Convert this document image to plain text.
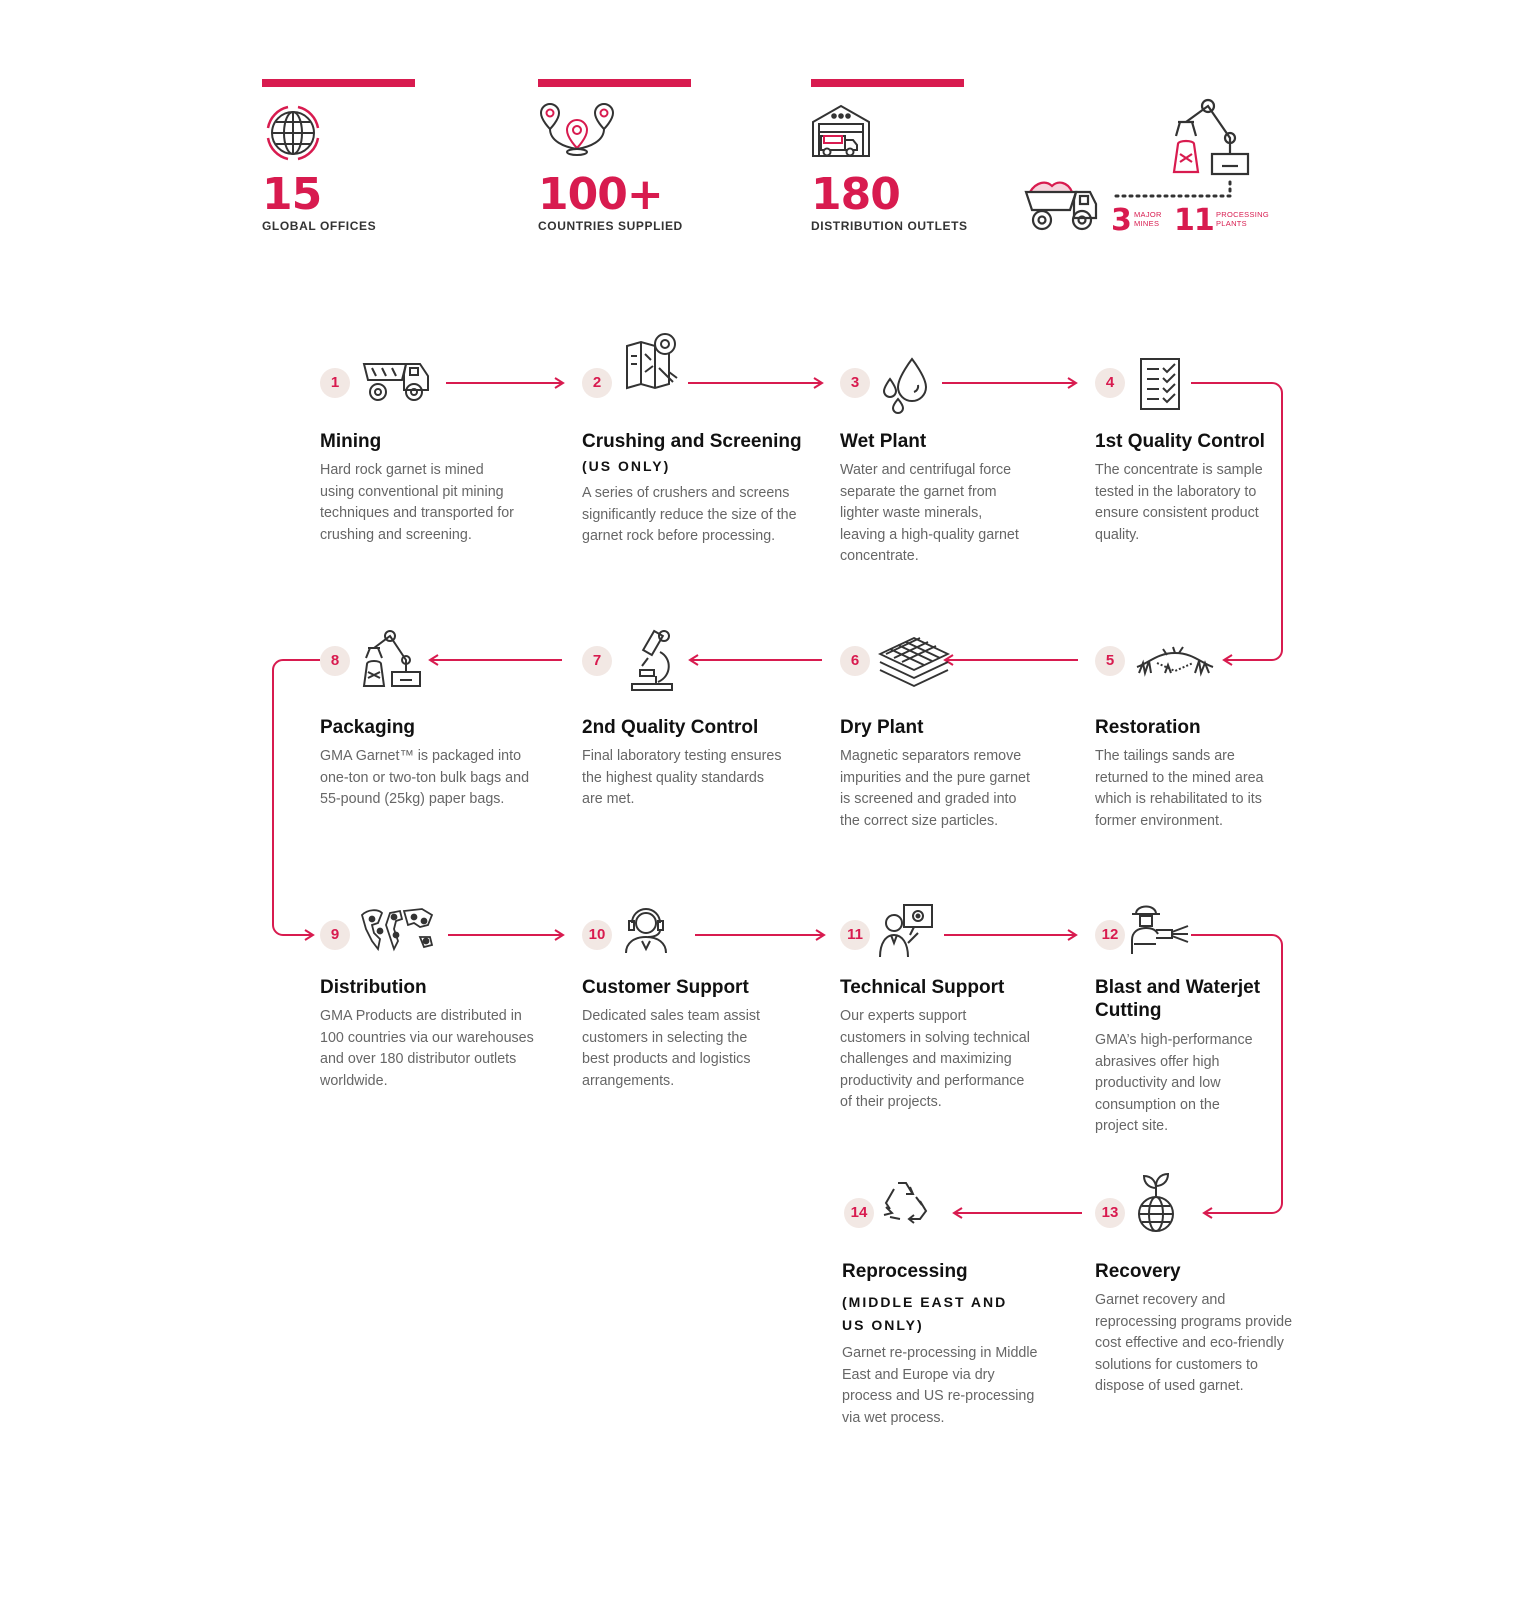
15
GLOBAL OFFICES
100+
COUNTRIES SUPPLIED
180
DISTRIBUTION OUTLETS	3 MAJOR
MINES 11 PROCESSING
PLANTS
1	2	3	4
5
6
7
8
9	10	11	12
13
14
Mining
Hard rock garnet is mined
using conventional pit mining
techniques and transported for
crushing and screening.
Crushing and Screening
(US ONLY)
A series of crushers and screens
significantly reduce the size of the
garnet rock before processing.
Wet Plant
Water and centrifugal force
separate the garnet from
lighter waste minerals,
leaving a high-quality garnet
concentrate.
1st Quality Control
The concentrate is sample
tested in the laboratory to
ensure consistent product
quality.
Restoration
The tailings sands are
returned to the mined area
which is rehabilitated to its
former environment.
Dry Plant
Magnetic separators remove
impurities and the pure garnet
is screened and graded into
the correct size particles.
2nd Quality Control
Final laboratory testing ensures
the highest quality standards
are met.
Packaging
GMA Garnet™ is packaged into
one-ton or two-ton bulk bags and
55-pound (25kg) paper bags.
Distribution
GMA Products are distributed in
100 countries via our warehouses
and over 180 distributor outlets
worldwide.
Customer Support
Dedicated sales team assist
customers in selecting the
best products and logistics
arrangements.
Technical Support
Our experts support
customers in solving technical
challenges and maximizing
productivity and performance
of their projects.
Blast and Waterjet
Cutting
GMA’s high-performance
abrasives offer high
productivity and low
consumption on the
project site.
Recovery
Garnet recovery and
reprocessing programs provide
cost effective and eco-friendly
solutions for customers to
dispose of used garnet.
Reprocessing
(MIDDLE EAST AND
US ONLY)
Garnet re-processing in Middle
East and Europe via dry
process and US re-processing
via wet process.
